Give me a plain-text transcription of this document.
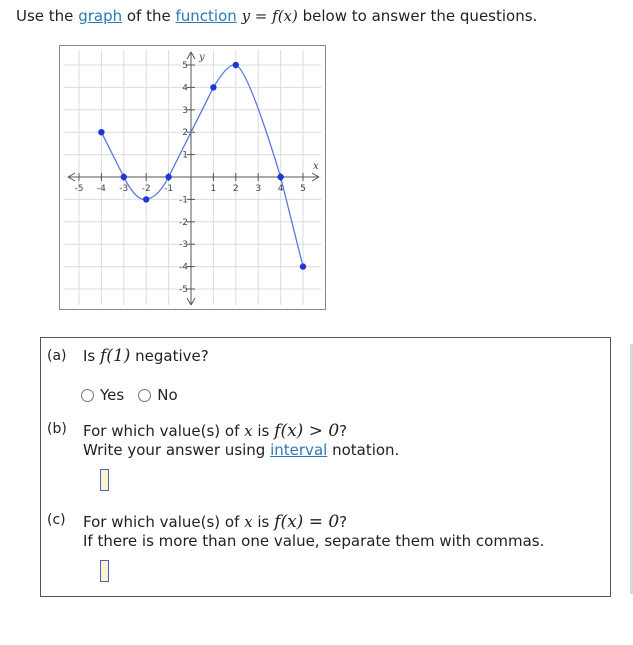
Use the graph of the function y = f(x) below to answer the questions.
-5 -4 -3 -2 -1	1 2 3 4 5
5
4
3
2
1
-1
-2
-3
-4
-5
x
y
(a)	Is f(1) negative?
Yes No
(b) For which value(s) of x is f(x) > 0?
Write your answer using interval notation.
(c) For which value(s) of x is f(x) = 0?
If there is more than one value, separate them with commas.
